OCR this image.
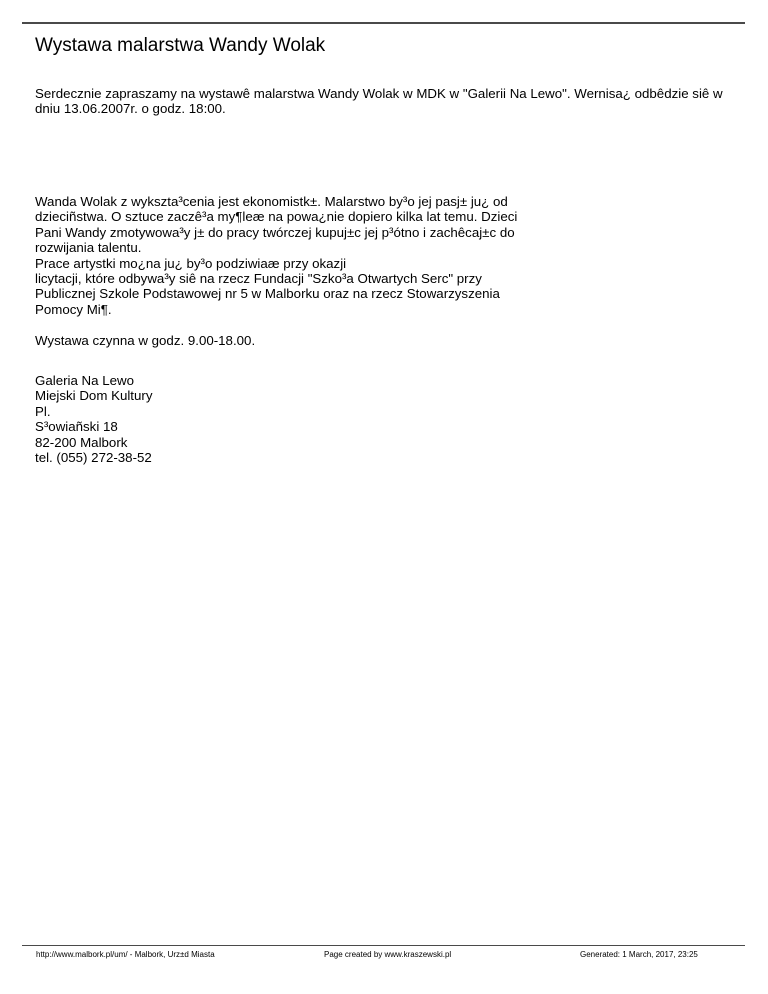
Wystawa malarstwa Wandy Wolak
Serdecznie zapraszamy na wystawê malarstwa Wandy Wolak w MDK w "Galerii Na Lewo". Wernisa¿ odbêdzie siê w
dniu 13.06.2007r. o godz. 18:00.
Wanda Wolak z wykszta³cenia jest ekonomistk±. Malarstwo by³o jej pasj± ju¿ od
dzieciñstwa. O sztuce zaczê³a my¶leæ na powa¿nie dopiero kilka lat temu. Dzieci
Pani Wandy zmotywowa³y j± do pracy twórczej kupuj±c jej p³ótno i zachêcaj±c do
rozwijania talentu.
Prace artystki mo¿na ju¿ by³o podziwiaæ przy okazji
licytacji, które odbywa³y siê na rzecz Fundacji "Szko³a Otwartych Serc" przy
Publicznej Szkole Podstawowej nr 5 w Malborku oraz na rzecz Stowarzyszenia
Pomocy Mi¶.

Wystawa czynna w godz. 9.00-18.00.

Galeria Na Lewo
Miejski Dom Kultury
Pl.
S³owiañski 18
82-200 Malbork
tel. (055) 272-38-52
http://www.malbork.pl/um/ - Malbork, Urz±d Miasta	Page created by www.kraszewski.pl	Generated: 1 March, 2017, 23:25
